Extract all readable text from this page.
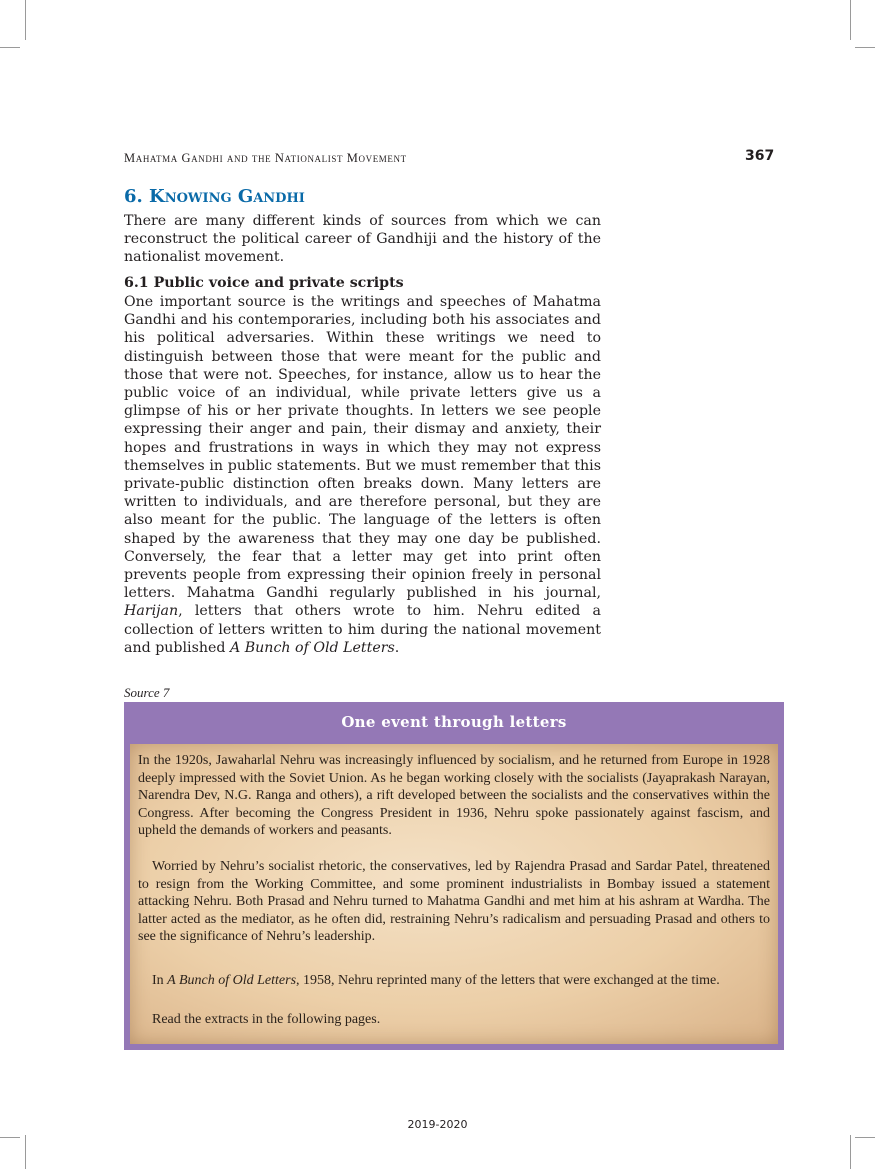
Mahatma Gandhi and the Nationalist Movement	367
6. Knowing Gandhi

There are many different kinds of sources from which we can reconstruct the political career of Gandhiji and the history of the nationalist movement.

6.1 Public voice and private scripts

One important source is the writings and speeches of Mahatma Gandhi and his contemporaries, including both his associates and his political adversaries. Within these writings we need to distinguish between those that were meant for the public and those that were not. Speeches, for instance, allow us to hear the public voice of an individual, while private letters give us a glimpse of his or her private thoughts. In letters we see people expressing their anger and pain, their dismay and anxiety, their hopes and frustrations in ways in which they may not express themselves in public statements. But we must remember that this private-public distinction often breaks down. Many letters are written to individuals, and are therefore personal, but they are also meant for the public. The language of the letters is often shaped by the awareness that they may one day be published. Conversely, the fear that a letter may get into print often prevents people from expressing their opinion freely in personal letters. Mahatma Gandhi regularly published in his journal, Harijan, letters that others wrote to him. Nehru edited a collection of letters written to him during the national movement and published A Bunch of Old Letters.

Source 7
One event through letters

In the 1920s, Jawaharlal Nehru was increasingly influenced by socialism, and he returned from Europe in 1928 deeply impressed with the Soviet Union. As he began working closely with the socialists (Jayaprakash Narayan, Narendra Dev, N.G. Ranga and others), a rift developed between the socialists and the conservatives within the Congress. After becoming the Congress President in 1936, Nehru spoke passionately against fascism, and upheld the demands of workers and peasants.

Worried by Nehru’s socialist rhetoric, the conservatives, led by Rajendra Prasad and Sardar Patel, threatened to resign from the Working Committee, and some prominent industrialists in Bombay issued a statement attacking Nehru. Both Prasad and Nehru turned to Mahatma Gandhi and met him at his ashram at Wardha. The latter acted as the mediator, as he often did, restraining Nehru’s radicalism and persuading Prasad and others to see the significance of Nehru’s leadership.

In A Bunch of Old Letters, 1958, Nehru reprinted many of the letters that were exchanged at the time.

Read the extracts in the following pages.

2019-2020
